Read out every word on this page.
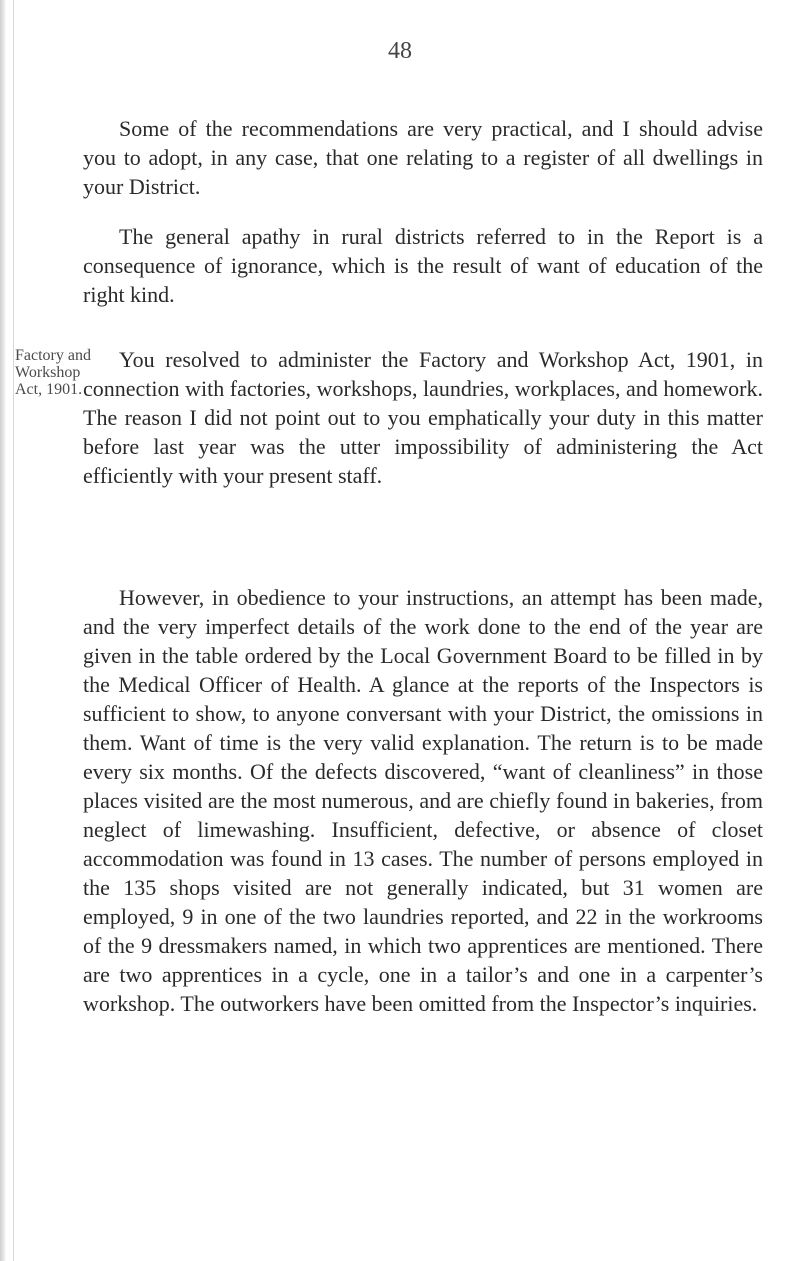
48
Factory and
Workshop
Act, 1901.

Some of the recommendations are very practical, and I should advise you to adopt, in any case, that one relating to a register of all dwellings in your District.

The general apathy in rural districts referred to in the Report is a consequence of ignorance, which is the result of want of education of the right kind.

You resolved to administer the Factory and Workshop Act, 1901, in connection with factories, workshops, laundries, workplaces, and homework. The reason I did not point out to you emphatically your duty in this matter before last year was the utter impossibility of administering the Act efficiently with your present staff.

However, in obedience to your instructions, an attempt has been made, and the very imperfect details of the work done to the end of the year are given in the table ordered by the Local Government Board to be filled in by the Medical Officer of Health. A glance at the reports of the Inspectors is sufficient to show, to anyone conversant with your District, the omissions in them. Want of time is the very valid explanation. The return is to be made every six months. Of the defects discovered, “want of cleanliness” in those places visited are the most numerous, and are chiefly found in bakeries, from neglect of limewashing. Insufficient, defective, or absence of closet accommodation was found in 13 cases. The number of persons employed in the 135 shops visited are not generally indicated, but 31 women are employed, 9 in one of the two laundries reported, and 22 in the workrooms of the 9 dressmakers named, in which two apprentices are mentioned. There are two apprentices in a cycle, one in a tailor’s and one in a carpenter’s workshop. The outworkers have been omitted from the Inspector’s inquiries.
